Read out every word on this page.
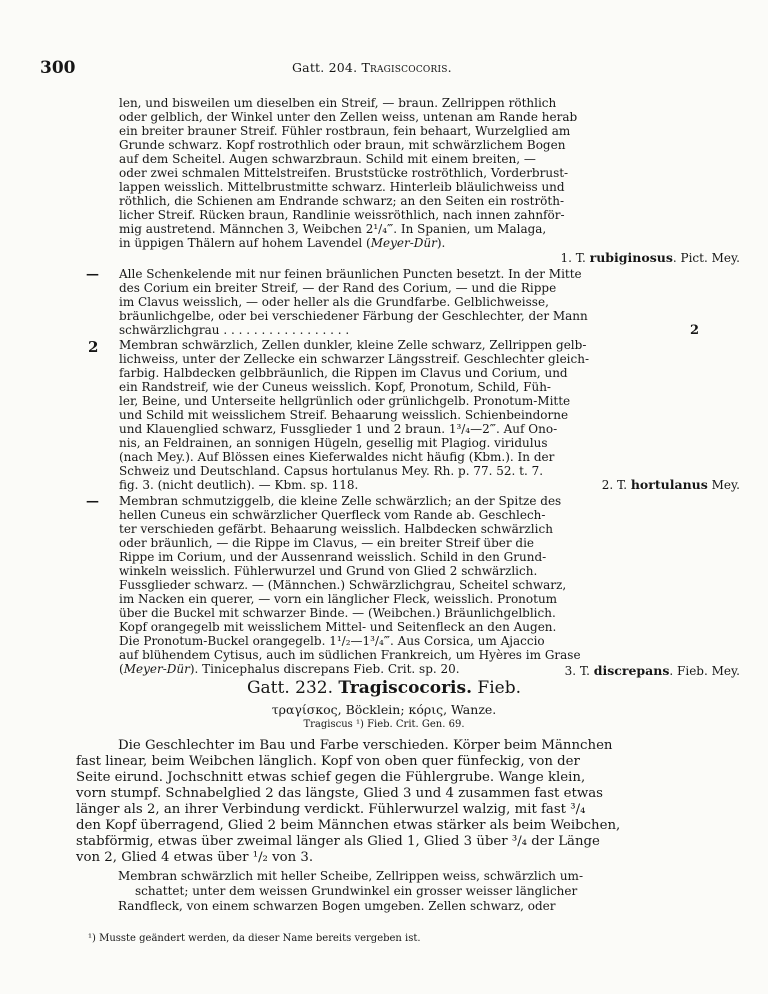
300	Gatt. 204. Tragiscocoris.
len, und bisweilen um dieselben ein Streif, — braun. Zellrippen röthlich
oder gelblich, der Winkel unter den Zellen weiss, untenan am Rande herab
ein breiter brauner Streif. Fühler rostbraun, fein behaart, Wurzelglied am
Grunde schwarz. Kopf rostrothlich oder braun, mit schwärzlichem Bogen
auf dem Scheitel. Augen schwarzbraun. Schild mit einem breiten, —
oder zwei schmalen Mittelstreifen. Bruststücke roströthlich, Vorderbrust-
lappen weisslich. Mittelbrustmitte schwarz. Hinterleib bläulichweiss und
röthlich, die Schienen am Endrande schwarz; an den Seiten ein roströth-
licher Streif. Rücken braun, Randlinie weissröthlich, nach innen zahnför-
mig austretend. Männchen 3, Weibchen 2¹/₄‴. In Spanien, um Malaga,
in üppigen Thälern auf hohem Lavendel (Meyer-Dür).
1. T. rubiginosus. Pict. Mey.
— Alle Schenkelende mit nur feinen bräunlichen Puncten besetzt. In der Mitte
des Corium ein breiter Streif, — der Rand des Corium, — und die Rippe
im Clavus weisslich, — oder heller als die Grundfarbe. Gelblichweisse,
bräunlichgelbe, oder bei verschiedener Färbung der Geschlechter, der Mann
schwärzlichgrau . . . . . . . . . . . . . . . . .	2
2 Membran schwärzlich, Zellen dunkler, kleine Zelle schwarz, Zellrippen gelb-
lichweiss, unter der Zellecke ein schwarzer Längsstreif. Geschlechter gleich-
farbig. Halbdecken gelbbräunlich, die Rippen im Clavus und Corium, und
ein Randstreif, wie der Cuneus weisslich. Kopf, Pronotum, Schild, Füh-
ler, Beine, und Unterseite hellgrünlich oder grünlichgelb. Pronotum-Mitte
und Schild mit weisslichem Streif. Behaarung weisslich. Schienbeindorne
und Klauenglied schwarz, Fussglieder 1 und 2 braun. 1³/₄—2‴. Auf Ono-
nis, an Feldrainen, an sonnigen Hügeln, gesellig mit Plagiog. viridulus
(nach Mey.). Auf Blössen eines Kieferwaldes nicht häufig (Kbm.). In der
Schweiz und Deutschland. Capsus hortulanus Mey. Rh. p. 77. 52. t. 7.
fig. 3. (nicht deutlich). — Kbm. sp. 118.	2. T. hortulanus Mey.
— Membran schmutziggelb, die kleine Zelle schwärzlich; an der Spitze des
hellen Cuneus ein schwärzlicher Querfleck vom Rande ab. Geschlech-
ter verschieden gefärbt. Behaarung weisslich. Halbdecken schwärzlich
oder bräunlich, — die Rippe im Clavus, — ein breiter Streif über die
Rippe im Corium, und der Aussenrand weisslich. Schild in den Grund-
winkeln weisslich. Fühlerwurzel und Grund von Glied 2 schwärzlich.
Fussglieder schwarz. — (Männchen.) Schwärzlichgrau, Scheitel schwarz,
im Nacken ein querer, — vorn ein länglicher Fleck, weisslich. Pronotum
über die Buckel mit schwarzer Binde. — (Weibchen.) Bräunlichgelblich.
Kopf orangegelb mit weisslichem Mittel- und Seitenfleck an den Augen.
Die Pronotum-Buckel orangegelb. 1¹/₂—1³/₄‴. Aus Corsica, um Ajaccio
auf blühendem Cytisus, auch im südlichen Frankreich, um Hyères im Grase
(Meyer-Dür). Tinicephalus discrepans Fieb. Crit. sp. 20.	3. T. discrepans. Fieb. Mey.
Gatt. 232. Tragiscocoris. Fieb.
τραγίσκος, Böcklein; κόρις, Wanze.
Tragiscus ¹) Fieb. Crit. Gen. 69.
Die Geschlechter im Bau und Farbe verschieden. Körper beim Männchen
fast linear, beim Weibchen länglich. Kopf von oben quer fünfeckig, von der
Seite eirund. Jochschnitt etwas schief gegen die Fühlergrube. Wange klein,
vorn stumpf. Schnabelglied 2 das längste, Glied 3 und 4 zusammen fast etwas
länger als 2, an ihrer Verbindung verdickt. Fühlerwurzel walzig, mit fast ³/₄
den Kopf überragend, Glied 2 beim Männchen etwas stärker als beim Weibchen,
stabförmig, etwas über zweimal länger als Glied 1, Glied 3 über ³/₄ der Länge
von 2, Glied 4 etwas über ¹/₂ von 3.
Membran schwärzlich mit heller Scheibe, Zellrippen weiss, schwärzlich um-
schattet; unter dem weissen Grundwinkel ein grosser weisser länglicher
Randfleck, von einem schwarzen Bogen umgeben. Zellen schwarz, oder
¹) Musste geändert werden, da dieser Name bereits vergeben ist.
